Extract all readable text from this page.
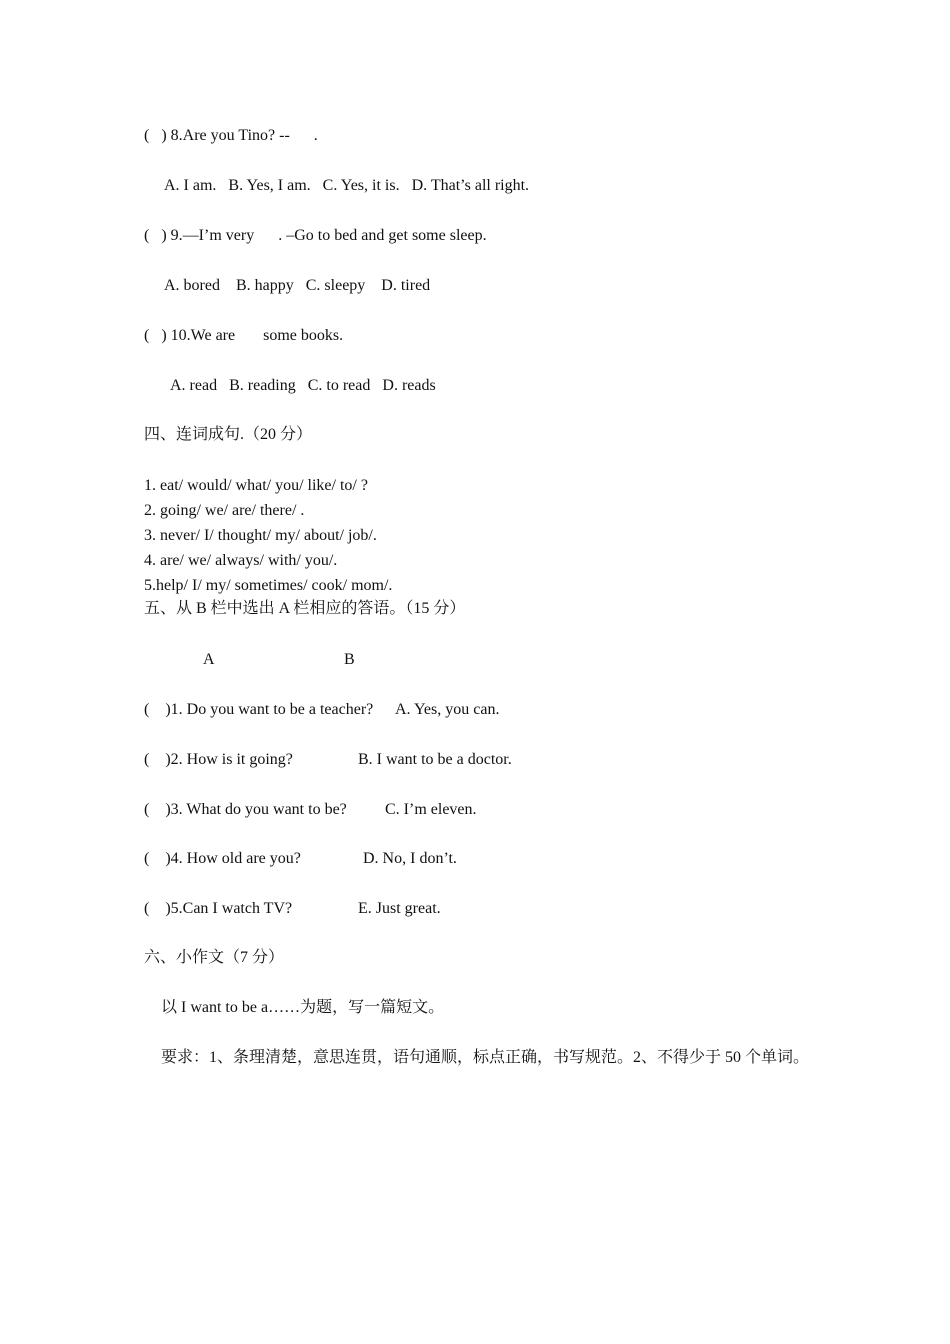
(   ) 8.Are you Tino? --      .
A. I am.   B. Yes, I am.   C. Yes, it is.   D. That’s all right.
(   ) 9.—I’m very      . –Go to bed and get some sleep.
A. bored    B. happy   C. sleepy    D. tired
(   ) 10.We are       some books.
A. read   B. reading   C. to read   D. reads
四、连词成句.（20 分）
1. eat/ would/ what/ you/ like/ to/ ?
2. going/ we/ are/ there/ .
3. never/ I/ thought/ my/ about/ job/.
4. are/ we/ always/ with/ you/.
5.help/ I/ my/ sometimes/ cook/ mom/.
五、从 B 栏中选出 A 栏相应的答语。（15 分）
A	B
(    )1. Do you want to be a teacher? A. Yes, you can.
(    )2. How is it going?	B. I want to be a doctor.
(    )3. What do you want to be? C. I’m eleven.
(    )4. How old are you?	D. No, I don’t.
(    )5.Can I watch TV?	E. Just great.
六、小作文（7 分）
以 I want to be a……为题，写一篇短文。
要求：1、条理清楚，意思连贯，语句通顺，标点正确，书写规范。2、不得少于 50 个单词。
